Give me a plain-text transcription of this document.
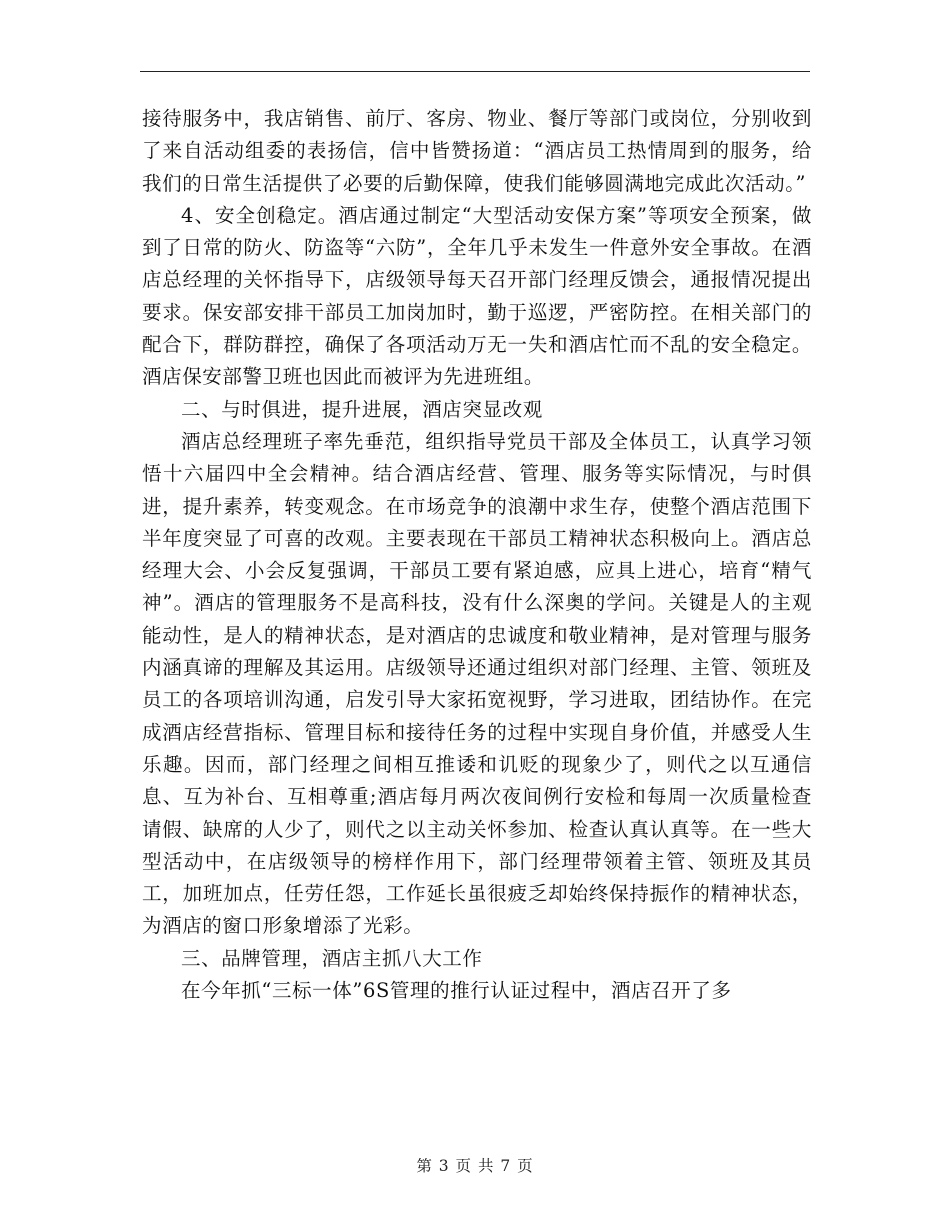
接待服务中，我店销售、前厅、客房、物业、餐厅等部门或岗位，分别收到了来自活动组委的表扬信，信中皆赞扬道：“酒店员工热情周到的服务，给我们的日常生活提供了必要的后勤保障，使我们能够圆满地完成此次活动。”

4、安全创稳定。酒店通过制定“大型活动安保方案”等项安全预案，做到了日常的防火、防盗等“六防”，全年几乎未发生一件意外安全事故。在酒店总经理的关怀指导下，店级领导每天召开部门经理反馈会，通报情况提出要求。保安部安排干部员工加岗加时，勤于巡逻，严密防控。在相关部门的配合下，群防群控，确保了各项活动万无一失和酒店忙而不乱的安全稳定。酒店保安部警卫班也因此而被评为先进班组。

二、与时俱进，提升进展，酒店突显改观

酒店总经理班子率先垂范，组织指导党员干部及全体员工，认真学习领悟十六届四中全会精神。结合酒店经营、管理、服务等实际情况，与时俱进，提升素养，转变观念。在市场竞争的浪潮中求生存，使整个酒店范围下半年度突显了可喜的改观。主要表现在干部员工精神状态积极向上。酒店总经理大会、小会反复强调，干部员工要有紧迫感，应具上进心，培育“精气神”。酒店的管理服务不是高科技，没有什么深奥的学问。关键是人的主观能动性，是人的精神状态，是对酒店的忠诚度和敬业精神，是对管理与服务内涵真谛的理解及其运用。店级领导还通过组织对部门经理、主管、领班及员工的各项培训沟通，启发引导大家拓宽视野，学习进取，团结协作。在完成酒店经营指标、管理目标和接待任务的过程中实现自身价值，并感受人生乐趣。因而，部门经理之间相互推诿和讥贬的现象少了，则代之以互通信息、互为补台、互相尊重;酒店每月两次夜间例行安检和每周一次质量检查请假、缺席的人少了，则代之以主动关怀参加、检查认真认真等。在一些大型活动中，在店级领导的榜样作用下，部门经理带领着主管、领班及其员工，加班加点，任劳任怨，工作延长虽很疲乏却始终保持振作的精神状态，为酒店的窗口形象增添了光彩。

三、品牌管理，酒店主抓八大工作

在今年抓“三标一体”6S管理的推行认证过程中，酒店召开了多

第 3 页 共 7 页
